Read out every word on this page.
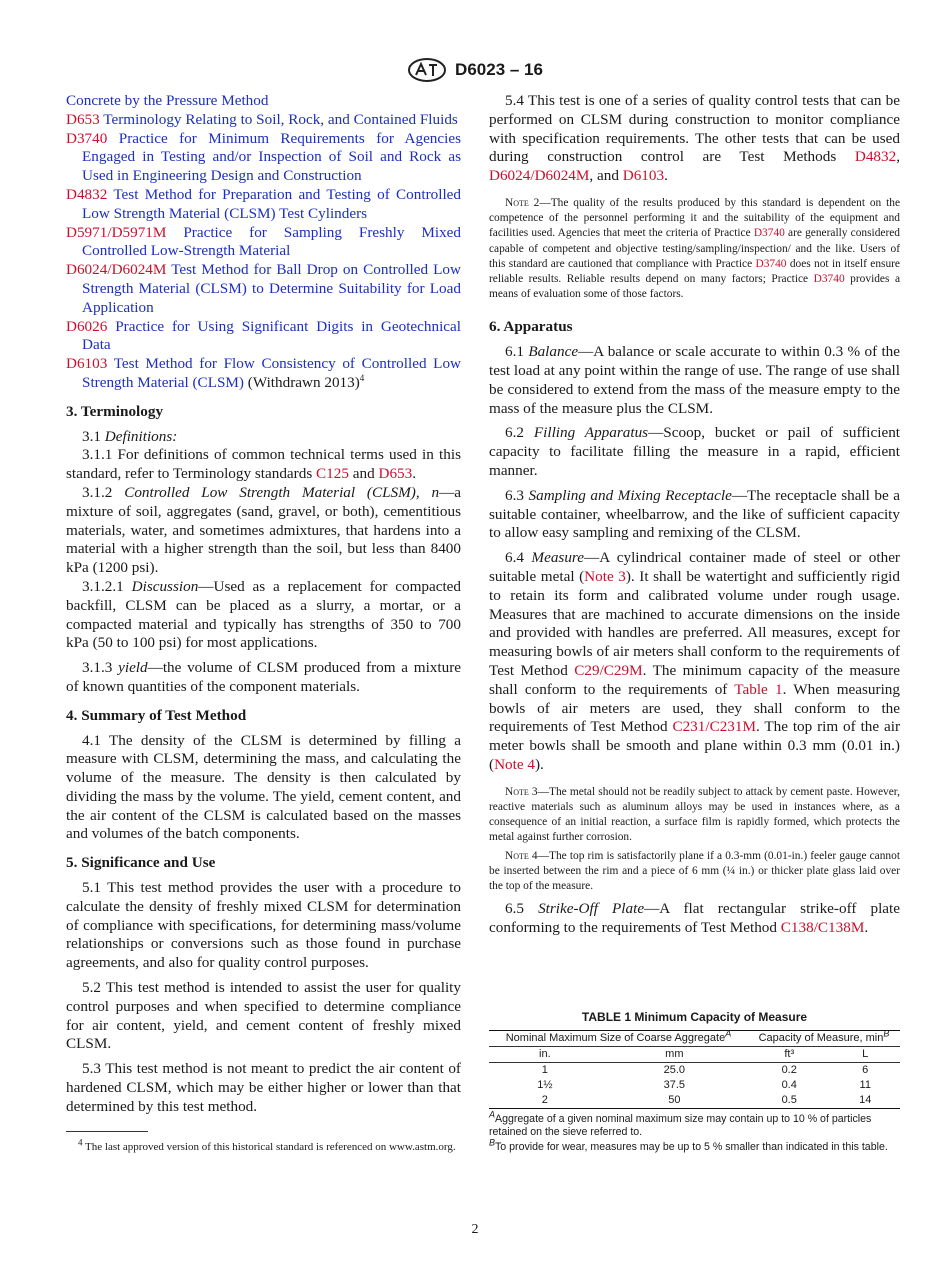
D6023 – 16
Concrete by the Pressure Method
D653 Terminology Relating to Soil, Rock, and Contained Fluids
D3740 Practice for Minimum Requirements for Agencies Engaged in Testing and/or Inspection of Soil and Rock as Used in Engineering Design and Construction
D4832 Test Method for Preparation and Testing of Controlled Low Strength Material (CLSM) Test Cylinders
D5971/D5971M Practice for Sampling Freshly Mixed Controlled Low-Strength Material
D6024/D6024M Test Method for Ball Drop on Controlled Low Strength Material (CLSM) to Determine Suitability for Load Application
D6026 Practice for Using Significant Digits in Geotechnical Data
D6103 Test Method for Flow Consistency of Controlled Low Strength Material (CLSM) (Withdrawn 2013)$^4$
3. Terminology
3.1 Definitions:
3.1.1 For definitions of common technical terms used in this standard, refer to Terminology standards C125 and D653.
3.1.2 Controlled Low Strength Material (CLSM), n—a mixture of soil, aggregates (sand, gravel, or both), cementitious materials, water, and sometimes admixtures, that hardens into a material with a higher strength than the soil, but less than 8400 kPa (1200 psi).
3.1.2.1 Discussion—Used as a replacement for compacted backfill, CLSM can be placed as a slurry, a mortar, or a compacted material and typically has strengths of 350 to 700 kPa (50 to 100 psi) for most applications.
3.1.3 yield—the volume of CLSM produced from a mixture of known quantities of the component materials.
4. Summary of Test Method
4.1 The density of the CLSM is determined by filling a measure with CLSM, determining the mass, and calculating the volume of the measure. The density is then calculated by dividing the mass by the volume. The yield, cement content, and the air content of the CLSM is calculated based on the masses and volumes of the batch components.
5. Significance and Use
5.1 This test method provides the user with a procedure to calculate the density of freshly mixed CLSM for determination of compliance with specifications, for determining mass/volume relationships or conversions such as those found in purchase agreements, and also for quality control purposes.
5.2 This test method is intended to assist the user for quality control purposes and when specified to determine compliance for air content, yield, and cement content of freshly mixed CLSM.
5.3 This test method is not meant to predict the air content of hardened CLSM, which may be either higher or lower than that determined by this test method.
$^4$ The last approved version of this historical standard is referenced on www.astm.org.
5.4 This test is one of a series of quality control tests that can be performed on CLSM during construction to monitor compliance with specification requirements. The other tests that can be used during construction control are Test Methods D4832, D6024/D6024M, and D6103.
Note 2—The quality of the results produced by this standard is dependent on the competence of the personnel performing it and the suitability of the equipment and facilities used. Agencies that meet the criteria of Practice D3740 are generally considered capable of competent and objective testing/sampling/inspection/ and the like. Users of this standard are cautioned that compliance with Practice D3740 does not in itself ensure reliable results. Reliable results depend on many factors; Practice D3740 provides a means of evaluation some of those factors.
6. Apparatus
6.1 Balance—A balance or scale accurate to within 0.3 % of the test load at any point within the range of use. The range of use shall be considered to extend from the mass of the measure empty to the mass of the measure plus the CLSM.
6.2 Filling Apparatus—Scoop, bucket or pail of sufficient capacity to facilitate filling the measure in a rapid, efficient manner.
6.3 Sampling and Mixing Receptacle—The receptacle shall be a suitable container, wheelbarrow, and the like of sufficient capacity to allow easy sampling and remixing of the CLSM.
6.4 Measure—A cylindrical container made of steel or other suitable metal (Note 3). It shall be watertight and sufficiently rigid to retain its form and calibrated volume under rough usage. Measures that are machined to accurate dimensions on the inside and provided with handles are preferred. All measures, except for measuring bowls of air meters shall conform to the requirements of Test Method C29/C29M. The minimum capacity of the measure shall conform to the requirements of Table 1. When measuring bowls of air meters are used, they shall conform to the requirements of Test Method C231/C231M. The top rim of the air meter bowls shall be smooth and plane within 0.3 mm (0.01 in.) (Note 4).
Note 3—The metal should not be readily subject to attack by cement paste. However, reactive materials such as aluminum alloys may be used in instances where, as a consequence of an initial reaction, a surface film is rapidly formed, which protects the metal against further corrosion.
Note 4—The top rim is satisfactorily plane if a 0.3-mm (0.01-in.) feeler gauge cannot be inserted between the rim and a piece of 6 mm (¼ in.) or thicker plate glass laid over the top of the measure.
6.5 Strike-Off Plate—A flat rectangular strike-off plate conforming to the requirements of Test Method C138/C138M.
TABLE 1 Minimum Capacity of Measure
Nominal Maximum Size of Coarse Aggregate$^A$		Capacity of Measure, $\min^B$
in.	mm	ft³	L
1	25.0	0.2	6
1½	37.5	0.4	11
2	50	0.5	14
$^A$Aggregate of a given nominal maximum size may contain up to 10 % of particles retained on the sieve referred to.
$^B$To provide for wear, measures may be up to 5 % smaller than indicated in this table.
2
